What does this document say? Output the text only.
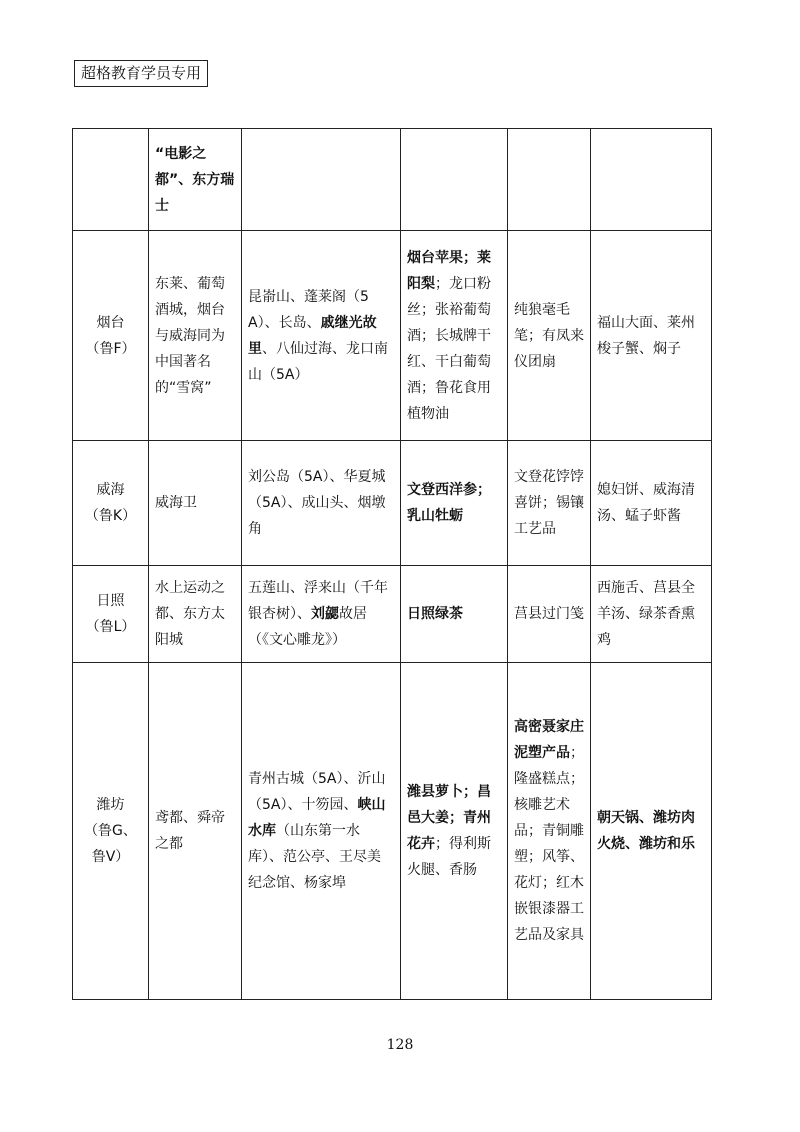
超格教育学员专用
	“电影之都”、东方瑞士				

烟台
（鲁F）	东莱、葡萄酒城，烟台与威海同为中国著名的“雪窝”	昆嵛山、蓬莱阁（5A）、长岛、戚继光故里、八仙过海、龙口南山（5A）	烟台苹果；莱阳梨；龙口粉丝；张裕葡萄酒；长城牌干红、干白葡萄酒；鲁花食用植物油	纯狼毫毛笔；有凤来仪团扇	福山大面、莱州梭子蟹、焖子

威海
（鲁K）	威海卫	刘公岛（5A）、华夏城（5A）、成山头、烟墩角	文登西洋参；乳山牡蛎	文登花饽饽喜饼；锡镶工艺品	媳妇饼、威海清汤、蜢子虾酱

日照
（鲁L）	水上运动之都、东方太阳城	五莲山、浮来山（千年银杏树）、刘勰故居（《文心雕龙》）	日照绿茶	莒县过门笺	西施舌、莒县全羊汤、绿茶香熏鸡

潍坊
（鲁G、鲁V）	鸢都、舜帝之都	青州古城（5A）、沂山（5A）、十笏园、峡山水库（山东第一水库）、范公亭、王尽美纪念馆、杨家埠	潍县萝卜；昌邑大姜；青州花卉；得利斯火腿、香肠	高密聂家庄泥塑产品；隆盛糕点；核雕艺术品；青铜雕塑；风筝、花灯；红木嵌银漆器工艺品及家具	朝天锅、潍坊肉火烧、潍坊和乐
128
